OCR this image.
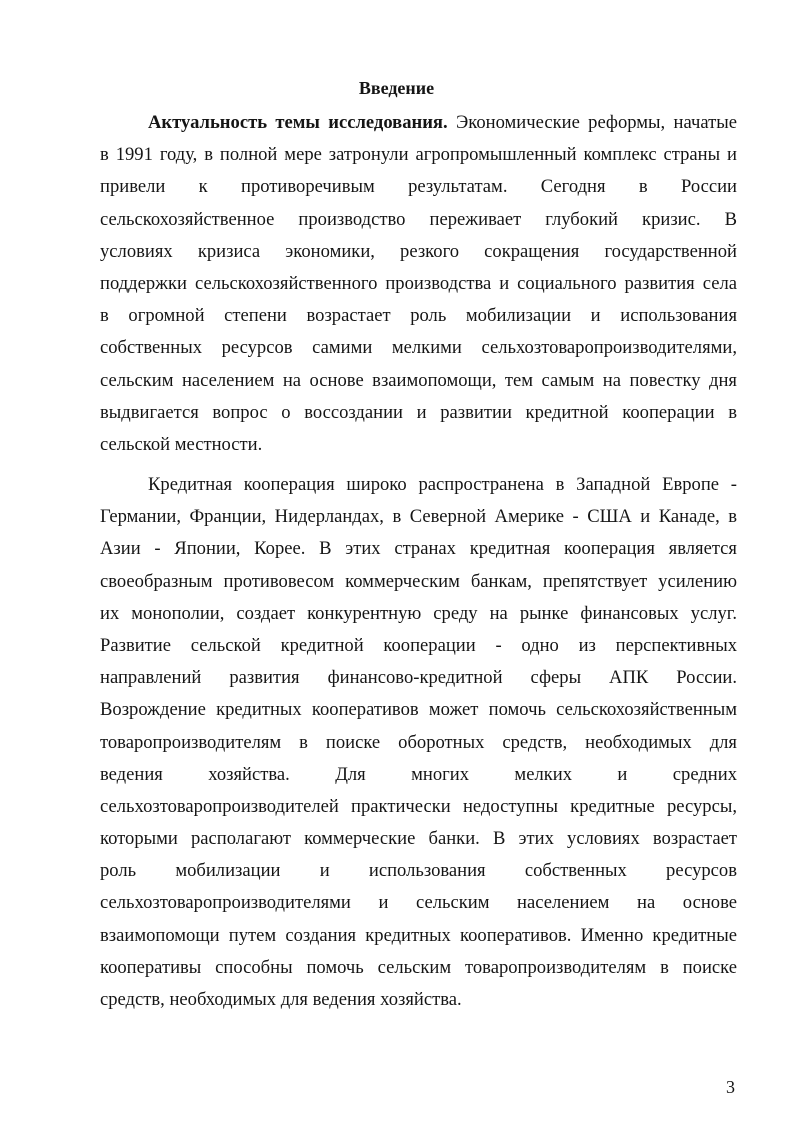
Введение
Актуальность темы исследования. Экономические реформы, начатые
в 1991 году, в полной мере затронули агропромышленный комплекс страны и
привели к противоречивым результатам. Сегодня в России
сельскохозяйственное производство переживает глубокий кризис. В
условиях кризиса экономики, резкого сокращения государственной
поддержки сельскохозяйственного производства и социального развития села
в огромной степени возрастает роль мобилизации и использования
собственных ресурсов самими мелкими сельхозтоваропроизводителями,
сельским населением на основе взаимопомощи, тем самым на повестку дня
выдвигается вопрос о воссоздании и развитии кредитной кооперации в
сельской местности.
Кредитная кооперация широко распространена в Западной Европе -
Германии, Франции, Нидерландах, в Северной Америке - США и Канаде, в
Азии - Японии, Корее. В этих странах кредитная кооперация является
своеобразным противовесом коммерческим банкам, препятствует усилению
их монополии, создает конкурентную среду на рынке финансовых услуг.
Развитие сельской кредитной кооперации - одно из перспективных
направлений развития финансово-кредитной сферы АПК России.
Возрождение кредитных кооперативов может помочь сельскохозяйственным
товаропроизводителям в поиске оборотных средств, необходимых для
ведения хозяйства. Для многих мелких и средних
сельхозтоваропроизводителей практически недоступны кредитные ресурсы,
которыми располагают коммерческие банки. В этих условиях возрастает
роль мобилизации и использования собственных ресурсов
сельхозтоваропроизводителями и сельским населением на основе
взаимопомощи путем создания кредитных кооперативов. Именно кредитные
кооперативы способны помочь сельским товаропроизводителям в поиске
средств, необходимых для ведения хозяйства.

3
